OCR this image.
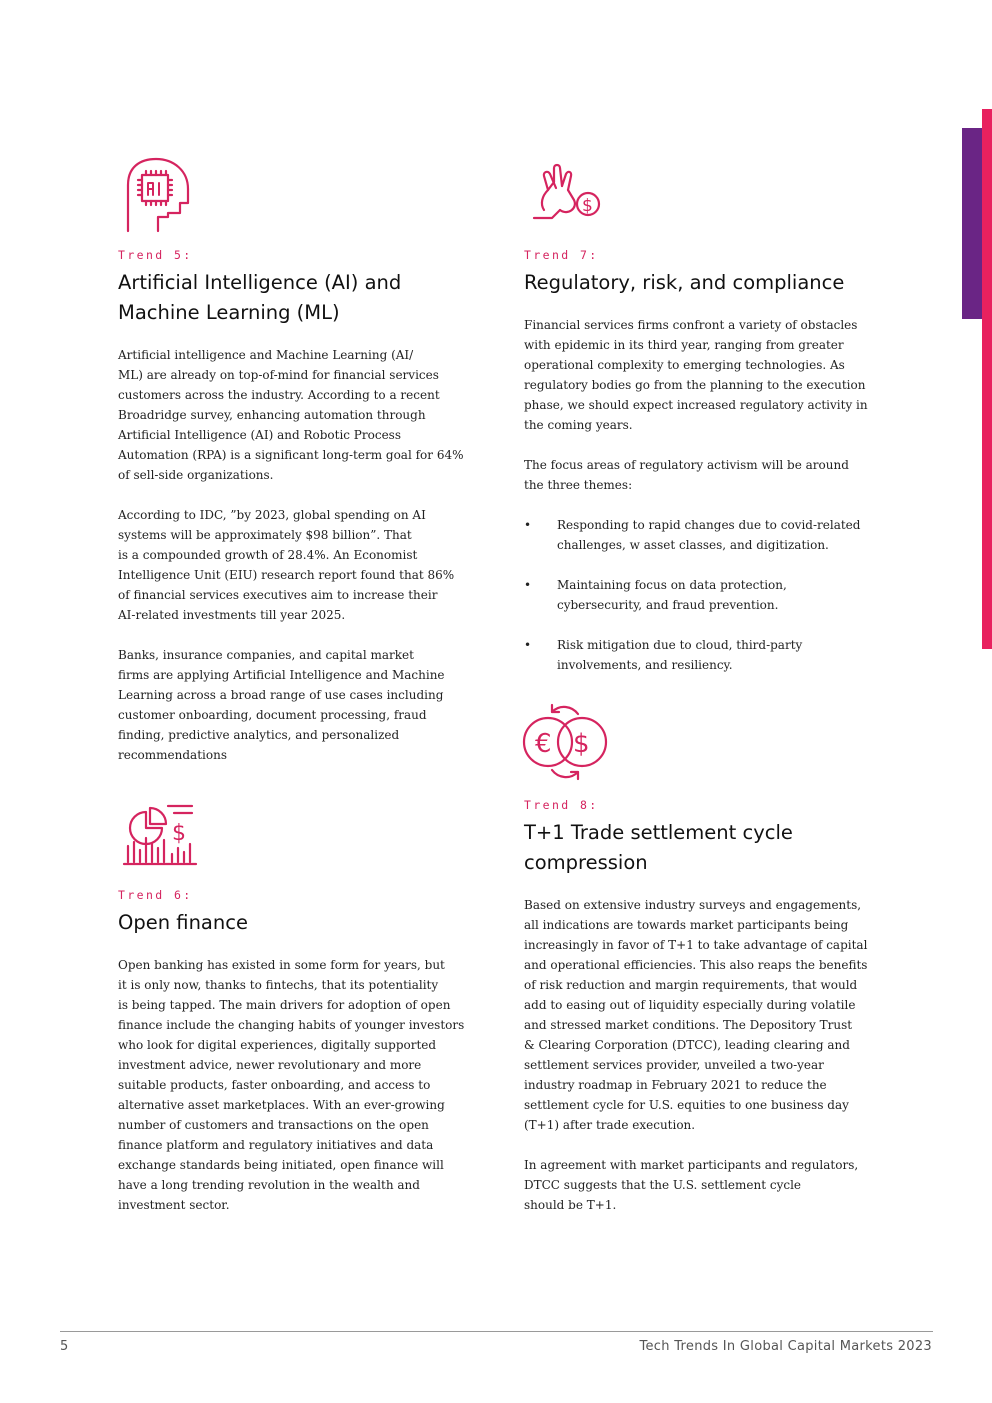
Trend 5:
Artificial Intelligence (AI) and
Machine Learning (ML)
Artificial intelligence and Machine Learning (AI/
ML) are already on top-of-mind for financial services
customers across the industry. According to a recent
Broadridge survey, enhancing automation through
Artificial Intelligence (AI) and Robotic Process
Automation (RPA) is a significant long-term goal for 64%
of sell-side organizations.
According to IDC, ”by 2023, global spending on AI
systems will be approximately $98 billion”. That
is a compounded growth of 28.4%. An Economist
Intelligence Unit (EIU) research report found that 86%
of financial services executives aim to increase their
AI-related investments till year 2025.
Banks, insurance companies, and capital market
firms are applying Artificial Intelligence and Machine
Learning across a broad range of use cases including
customer onboarding, document processing, fraud
finding, predictive analytics, and personalized
recommendations
$
Trend 6:
Open finance
Open banking has existed in some form for years, but
it is only now, thanks to fintechs, that its potentiality
is being tapped. The main drivers for adoption of open
finance include the changing habits of younger investors
who look for digital experiences, digitally supported
investment advice, newer revolutionary and more
suitable products, faster onboarding, and access to
alternative asset marketplaces. With an ever-growing
number of customers and transactions on the open
finance platform and regulatory initiatives and data
exchange standards being initiated, open finance will
have a long trending revolution in the wealth and
investment sector.
$
Trend 7:
Regulatory, risk, and compliance
Financial services firms confront a variety of obstacles
with epidemic in its third year, ranging from greater
operational complexity to emerging technologies. As
regulatory bodies go from the planning to the execution
phase, we should expect increased regulatory activity in
the coming years.
The focus areas of regulatory activism will be around
the three themes:
• Responding to rapid changes due to covid-related
challenges, w asset classes, and digitization.
• Maintaining focus on data protection,
cybersecurity, and fraud prevention.
• Risk mitigation due to cloud, third-party
involvements, and resiliency.
€ $
Trend 8:
T+1 Trade settlement cycle
compression
Based on extensive industry surveys and engagements,
all indications are towards market participants being
increasingly in favor of T+1 to take advantage of capital
and operational efficiencies. This also reaps the benefits
of risk reduction and margin requirements, that would
add to easing out of liquidity especially during volatile
and stressed market conditions. The Depository Trust
& Clearing Corporation (DTCC), leading clearing and
settlement services provider, unveiled a two-year
industry roadmap in February 2021 to reduce the
settlement cycle for U.S. equities to one business day
(T+1) after trade execution.
In agreement with market participants and regulators,
DTCC suggests that the U.S. settlement cycle
should be T+1.
5	Tech Trends In Global Capital Markets 2023
